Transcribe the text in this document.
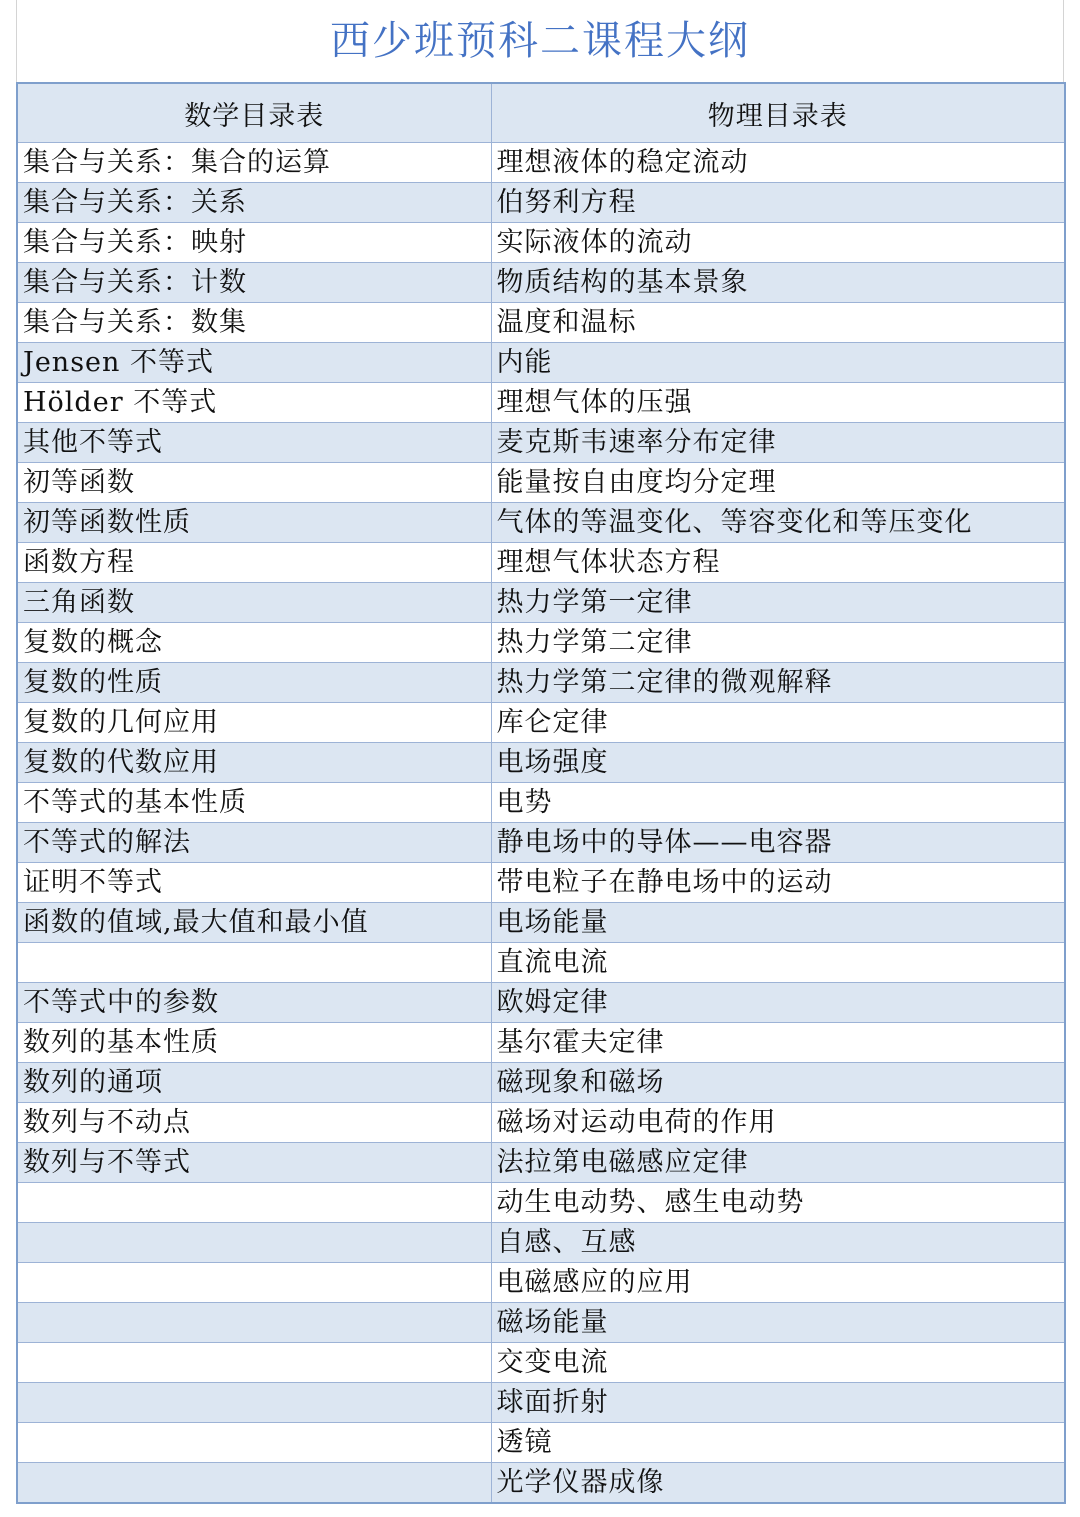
西少班预科二课程大纲
数学目录表	物理目录表
集合与关系：集合的运算	理想液体的稳定流动
集合与关系：关系	伯努利方程
集合与关系：映射	实际液体的流动
集合与关系：计数	物质结构的基本景象
集合与关系：数集	温度和温标
Jensen 不等式	内能
Hölder 不等式	理想气体的压强
其他不等式	麦克斯韦速率分布定律
初等函数	能量按自由度均分定理
初等函数性质	气体的等温变化、等容变化和等压变化
函数方程	理想气体状态方程
三角函数	热力学第一定律
复数的概念	热力学第二定律
复数的性质	热力学第二定律的微观解释
复数的几何应用	库仑定律
复数的代数应用	电场强度
不等式的基本性质	电势
不等式的解法	静电场中的导体——电容器
证明不等式	带电粒子在静电场中的运动
函数的值域,最大值和最小值	电场能量
	直流电流
不等式中的参数	欧姆定律
数列的基本性质	基尔霍夫定律
数列的通项	磁现象和磁场
数列与不动点	磁场对运动电荷的作用
数列与不等式	法拉第电磁感应定律
	动生电动势、感生电动势
	自感、互感
	电磁感应的应用
	磁场能量
	交变电流
	球面折射
	透镜
	光学仪器成像
